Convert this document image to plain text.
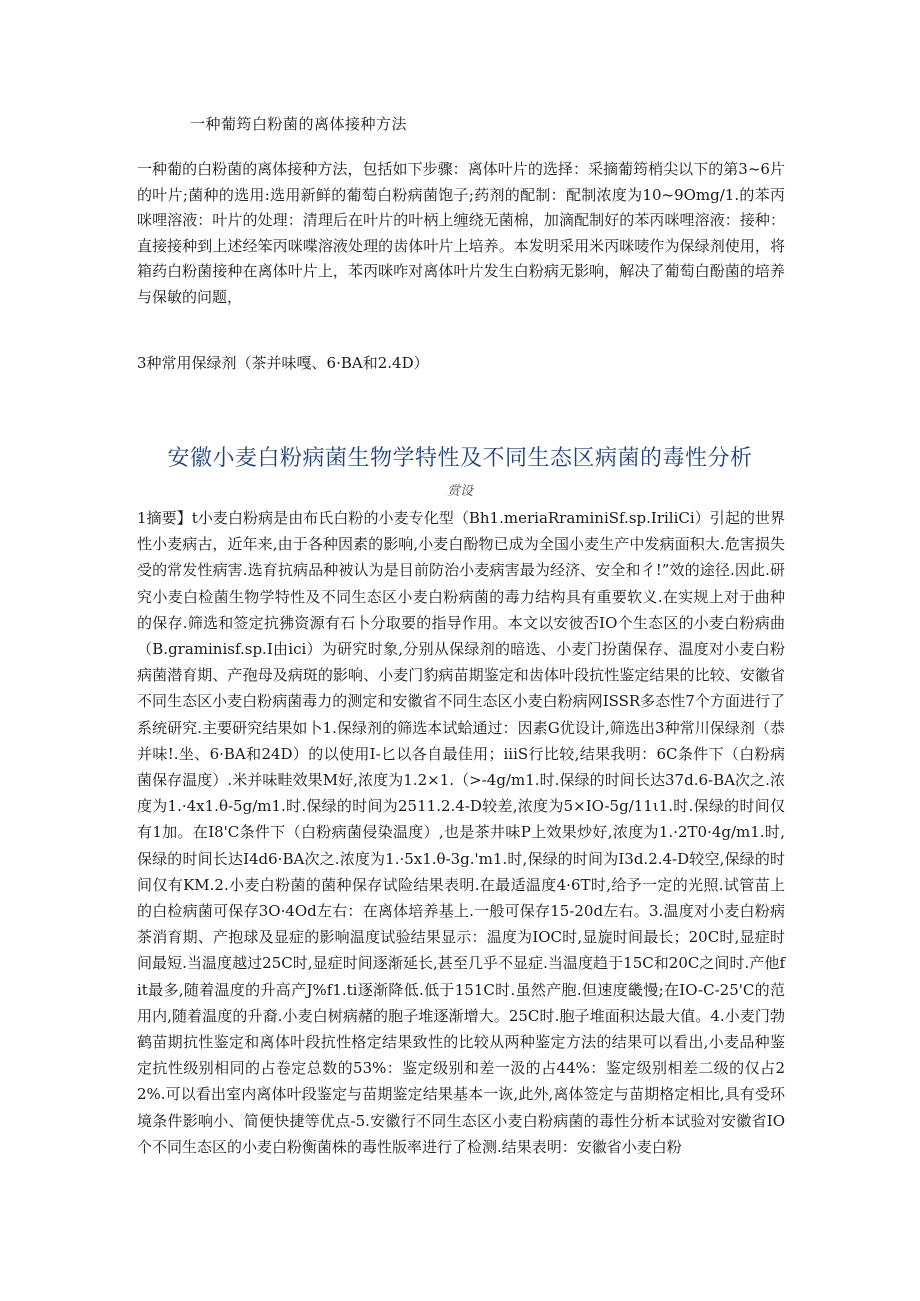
一种葡筠白粉菌的离体接种方法
一种葡的白粉菌的离体接种方法，包括如下步骤：离体叶片的选择：采摘葡筠梢尖以下的第3~6片的叶片;菌种的选用:选用新鲜的葡萄白粉病菌饱子;药剂的配制：配制浓度为10~9Omg/1.的苯丙咪哩溶液：叶片的处理：清理后在叶片的叶柄上缠绕无菌棉，加滴配制好的苯丙咪哩溶液：接种：直接接种到上述经笨丙咪喋溶液处理的齿体叶片上培养。本发明采用米丙咪唛作为保绿剂使用，将箱药白粉菌接种在离体叶片上，苯丙咪咋对离体叶片发生白粉病无影响，解决了葡萄白酚菌的培养与保敏的问题，
3种常用保绿剂（茶并味嘎、6·BA和2.4D）
安徽小麦白粉病菌生物学特性及不同生态区病菌的毒性分析
赏设
1摘要】t小麦白粉病是由布氏白粉的小麦专化型（Bh1.meriaRraminiSf.sp.IriliCi）引起的世界性小麦病古，近年来,由于各种因素的影响,小麦白酚物已成为全国小麦生产中发病面积大.危害损失受的常发性病害.选育抗病品种被认为是目前防治小麦病害最为经济、安全和彳!”效的途径.因此.研究小麦白检菌生物学特性及不同生态区小麦白粉病菌的毒力结构具有重要软义.在实规上对于曲种的保存.筛选和签定抗狒资源有石卜分取要的指导作用。本文以安彼否IO个生态区的小麦白粉病曲（B.graminisf.sp.I由ici）为研究时象,分别从保绿剂的暗选、小麦门扮菌保存、温度对小麦白粉病菌潜育期、产孢母及病斑的影响、小麦门豹病苗期鉴定和齿体叶段抗性鉴定结果的比较、安徽省不同生态区小麦白粉病菌毒力的测定和安徽省不同生态区小麦白粉病网ISSR多态性7个方面进行了系统研究.主要研究结果如卜1.保绿剂的筛选本试蛤通过：因素G优设计,筛选出3种常川保绿剂（恭并味!.坐、6·BA和24D）的以使用I-匕以各自最佳用；iiiS行比较,结果我明：6C条件下（白粉病菌保存温度）.米并味畦效果M好,浓度为1.2×1.（>-4g/m1.时.保绿的时间长达37d.6-BA次之.浓度为1.·4x1.θ-5g/m1.时.保绿的时间为2511.2.4-D较差,浓度为5×IO-5g/11ι1.时.保绿的时间仅有1加。在I8'C条件下（白粉病菌侵染温度）,也是茶井味P上效果炒好,浓度为1.·2T0·4g/m1.时,保绿的时间长达I4d6·BA次之.浓度为1.·5x1.θ-3g.'m1.时,保绿的时间为I3d.2.4-D较空,保绿的时间仅有KM.2.小麦白粉菌的菌种保存试险结果表明.在最适温度4·6T时,给予一定的光照.试管苗上的白检病菌可保存3O·4Od左右：在离体培养基上.一般可保存15-20d左右。3.温度对小麦白粉病茶消育期、产抱球及显症的影响温度试验结果显示：温度为IOC时,显旋时间最长；20C时,显症时间最短.当温度越过25C时,显症时间逐渐延长,甚至几乎不显症.当温度趋于15C和20C之间时.产他fit最多,随着温度的升高产J%f1.ti逐渐降低.低于151C时.虽然产胞.但速度畿慢;在IO-C-25'C的范用内,随着温度的升裔.小麦白树病赭的胞子堆逐渐增大。25C时.胞子堆面积达最大值。4.小麦门勃鹤苗期抗性鉴定和离体叶段抗性格定结果致性的比较从两种鉴定方法的结果可以看出,小麦品种鉴定抗性级别相同的占卷定总数的53%：鉴定级别和差一汲的占44%：鉴定级别相差二级的仅占22%.可以看出室内离体叶段鉴定与苗期鉴定结果基本一诙,此外,离体签定与苗期格定相比,具有受环境条件影响小、简便快捷等优点-5.安徽行不同生态区小麦白粉病菌的毒性分析本试验对安徽省IO个不同生态区的小麦白粉衡菌株的毒性版率进行了检测.结果表明：安徽省小麦白粉
